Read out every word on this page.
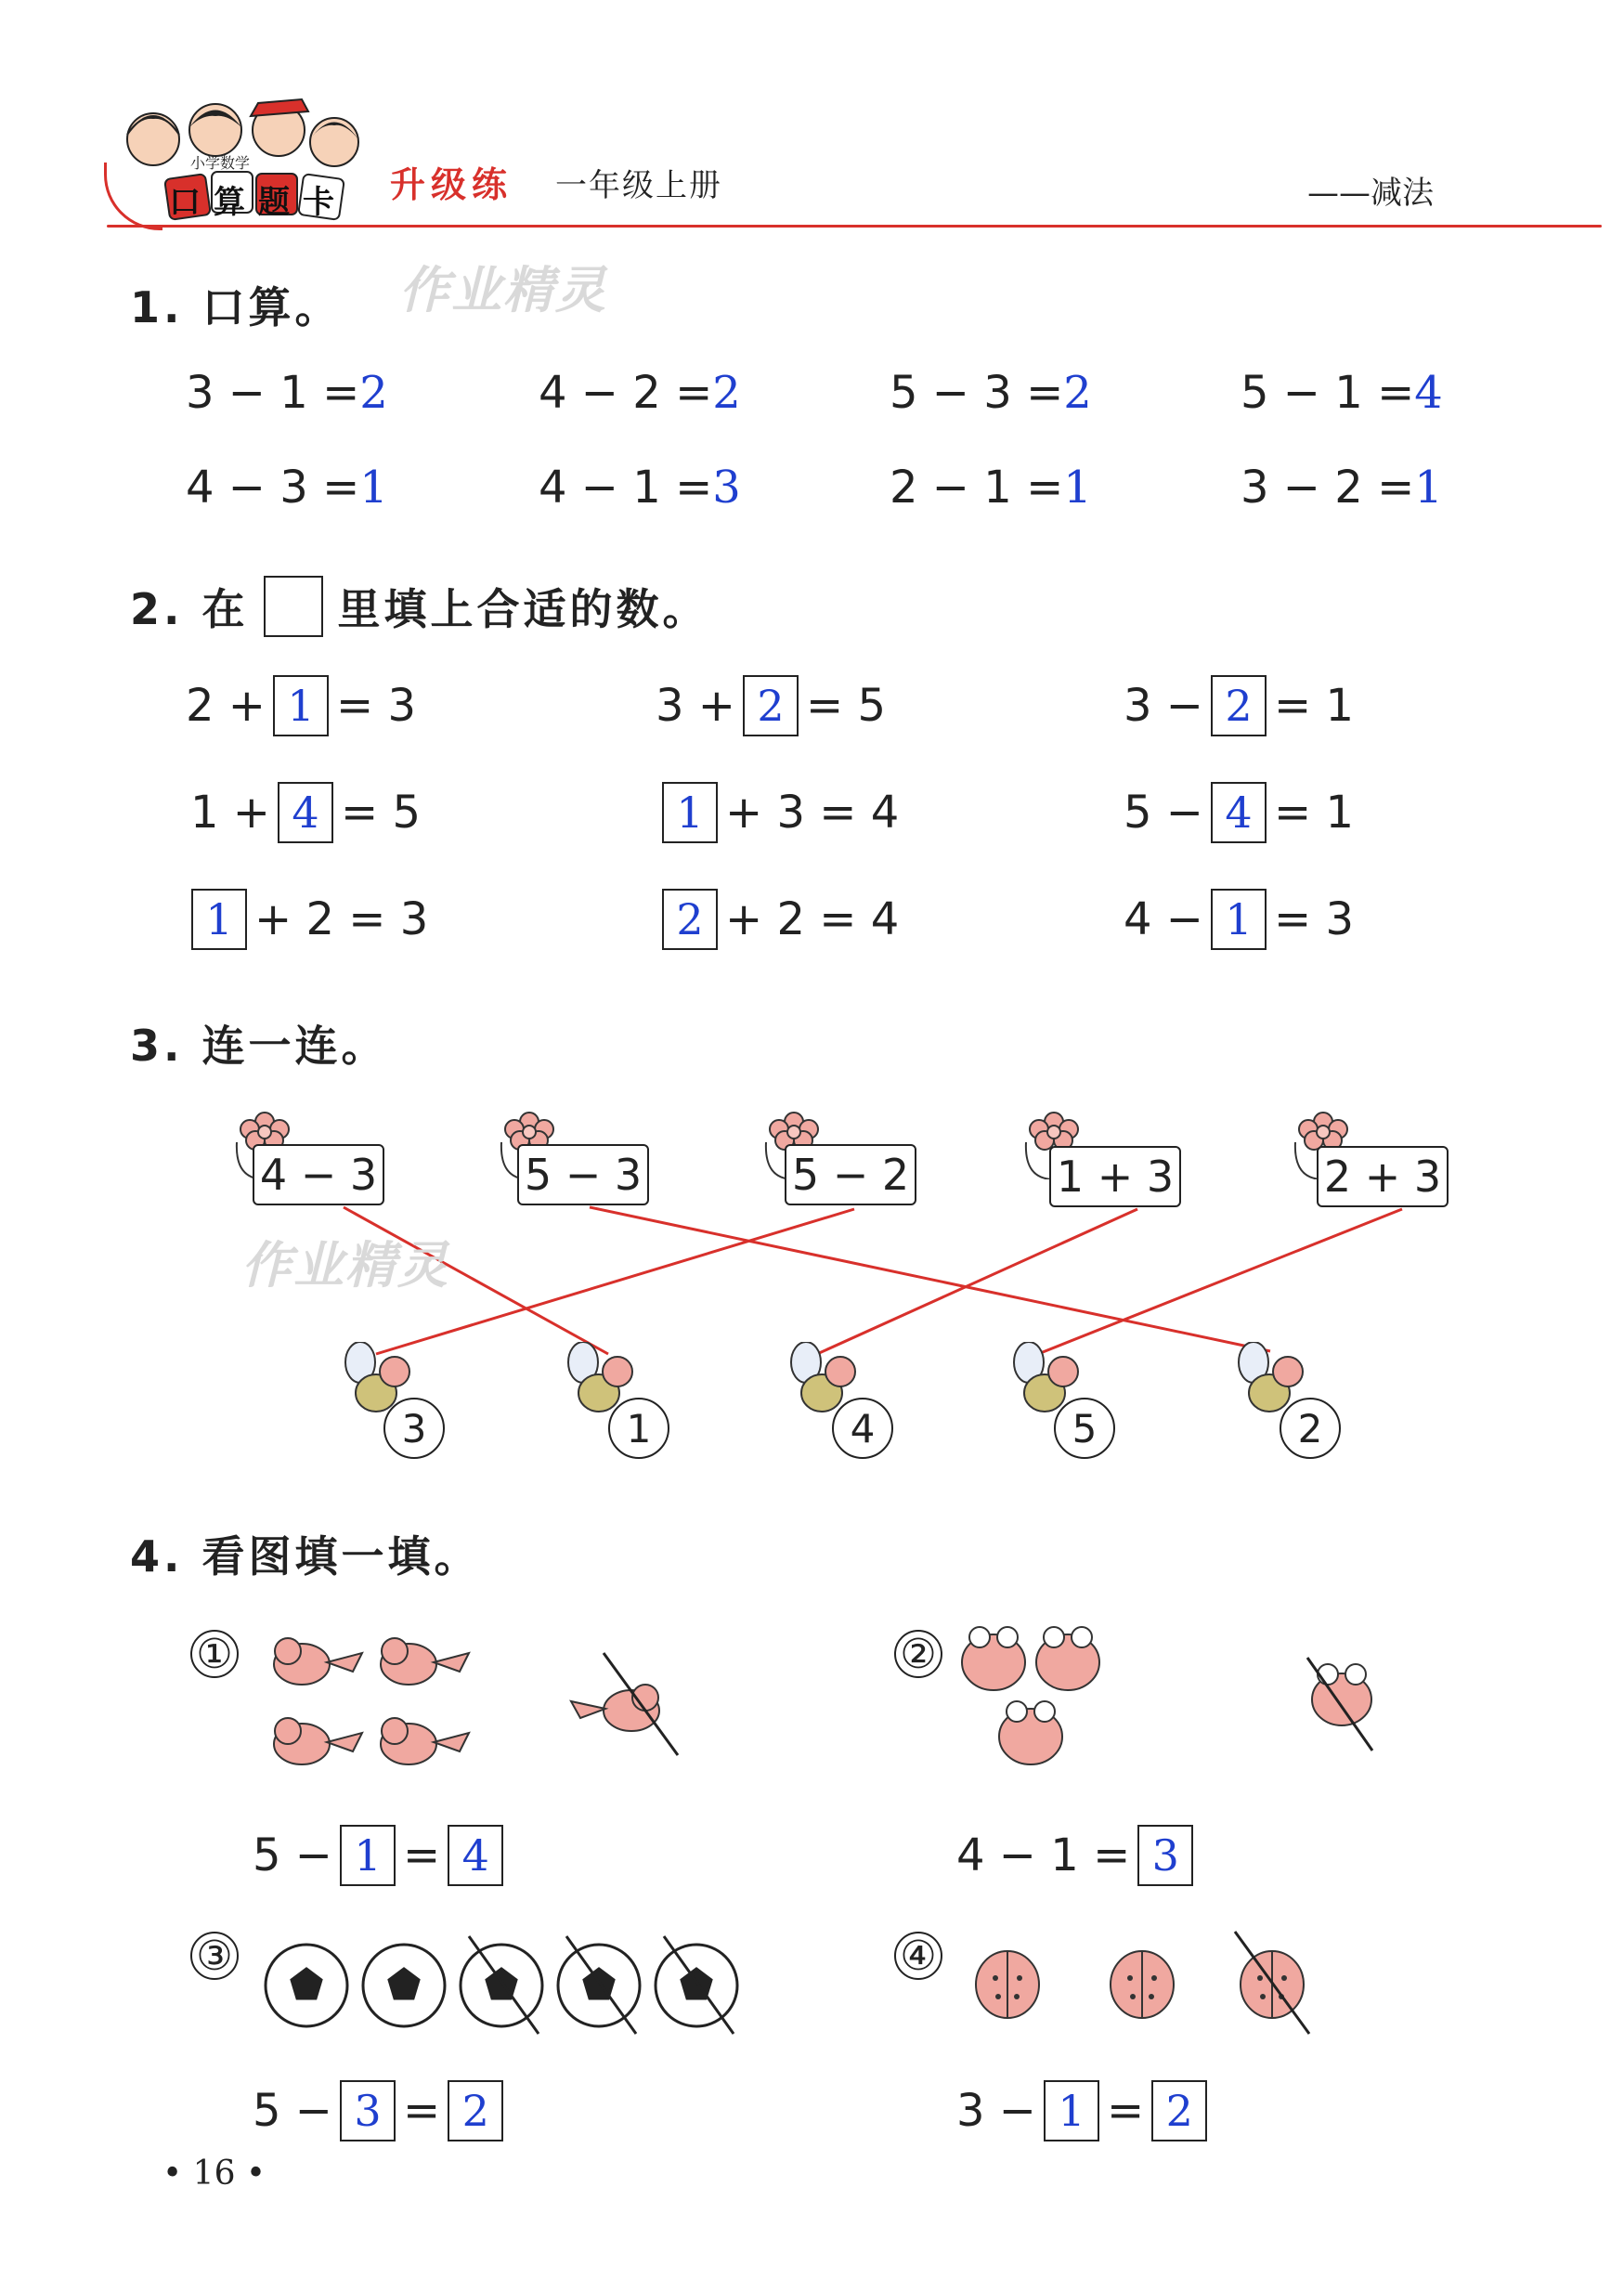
小学数学
口算题卡 升级练 一年级上册	——减法
1. 口算。 作业精灵
3 − 1 = 2	4 − 2 = 2	5 − 3 = 2	5 − 1 = 4
4 − 3 = 1	4 − 1 = 3	2 − 1 = 1	3 − 2 = 1
2. 在 里填上合适的数。
2 + 1 = 3	3 + 2 = 5	3 − 2 = 1
1 + 4 = 5	1 + 3 = 4	5 − 4 = 1
1 + 2 = 3	2 + 2 = 4	4 − 1 = 3
3. 连一连。
4 − 3	5 − 3	5 − 2	1 + 3	2 + 3
作业精灵
3	1	4	5	2
4. 看图填一填。
①
5 − 1 = 4
②
4 − 1 = 3
③
5 − 3 = 2
④
3 − 1 = 2
• 16 •
